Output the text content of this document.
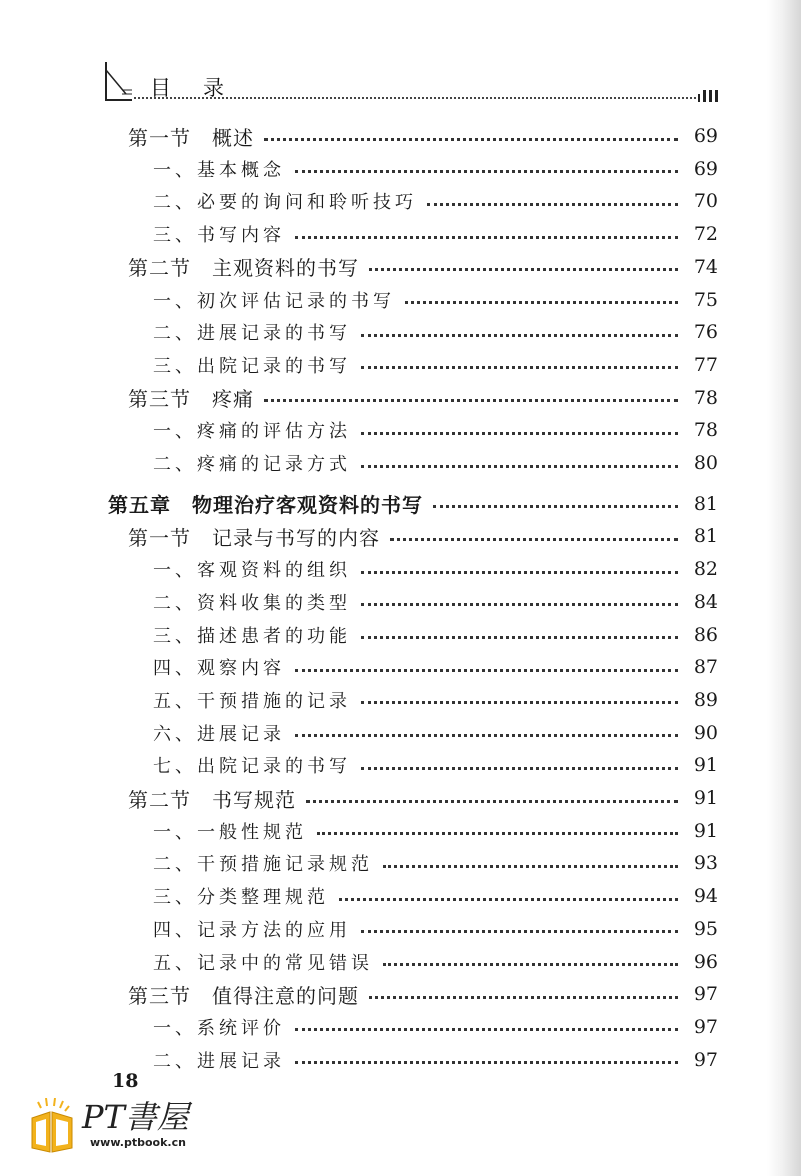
目录
第一节　概述	69
一、基本概念	69
二、必要的询问和聆听技巧	70
三、书写内容	72
第二节　主观资料的书写	74
一、初次评估记录的书写	75
二、进展记录的书写	76
三、出院记录的书写	77
第三节　疼痛	78
一、疼痛的评估方法	78
二、疼痛的记录方式	80
第五章　物理治疗客观资料的书写	81
第一节　记录与书写的内容	81
一、客观资料的组织	82
二、资料收集的类型	84
三、描述患者的功能	86
四、观察内容	87
五、干预措施的记录	89
六、进展记录	90
七、出院记录的书写	91
第二节　书写规范	91
一、一般性规范	91
二、干预措施记录规范	93
三、分类整理规范	94
四、记录方法的应用	95
五、记录中的常见错误	96
第三节　值得注意的问题	97
一、系统评价	97
二、进展记录	97
18
PT書屋
www.ptbook.cn
